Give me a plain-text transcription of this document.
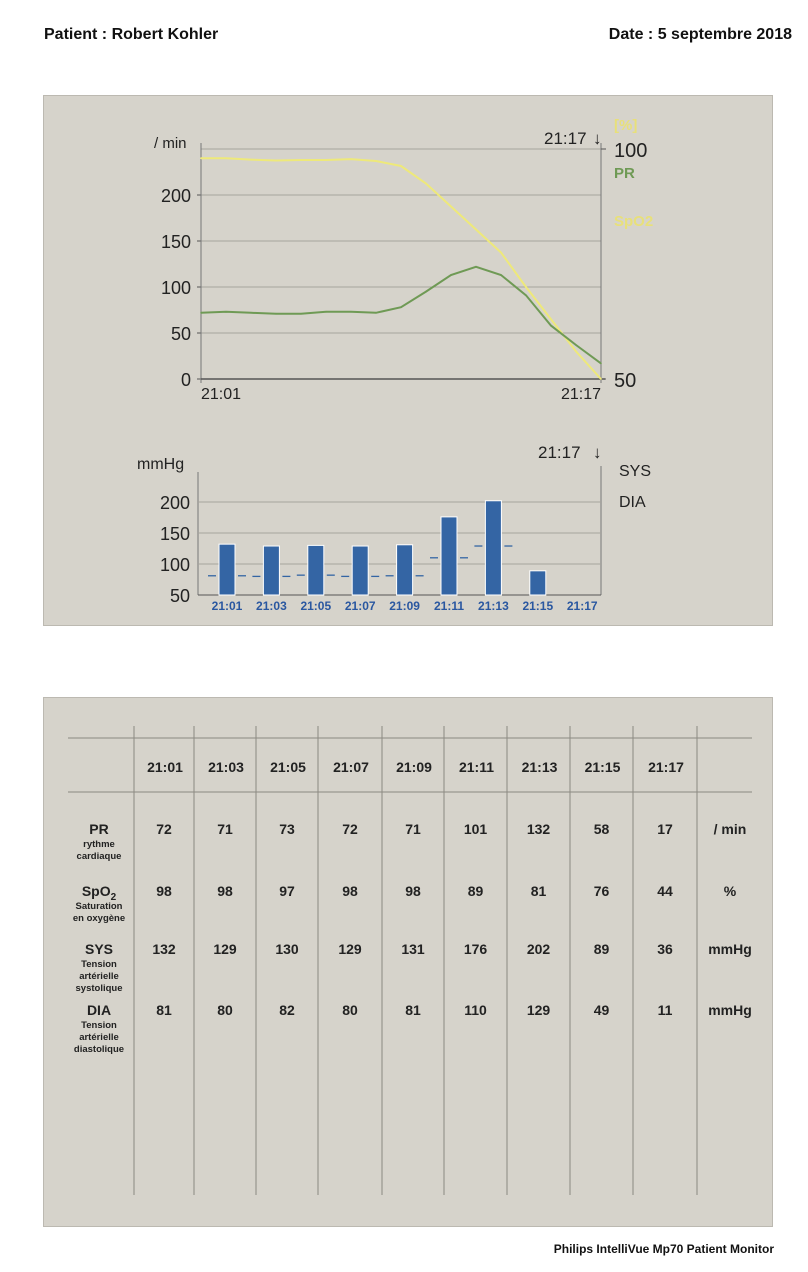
Patient : Robert Kohler	Date : 5 septembre 2018
200
150
100
50
0
100
50
/ min
[%]
21:17 ↓
21:01	21:17
PR
SpO2
200
150
100
50
mmHg
21:17 ↓
SYS
DIA
21:01 21:03 21:05 21:07 21:09 21:11 21:13 21:15 21:17
21:01 21:03 21:05 21:07 21:09 21:11 21:13 21:15 21:17
PR
rythme
cardiaque
72	71	73	72	71	101	132	58	17	/ min
SpO$_2$
Saturation
en oxygène
98	98	97	98	98	89	81	76	44	%
SYS
Tension
artérielle
systolique
132	129	130	129	131	176	202	89	36	mmHg
DIA
Tension
artérielle
diastolique
81	80	82	80	81	110	129	49	11	mmHg
Philips IntelliVue Mp70 Patient Monitor
